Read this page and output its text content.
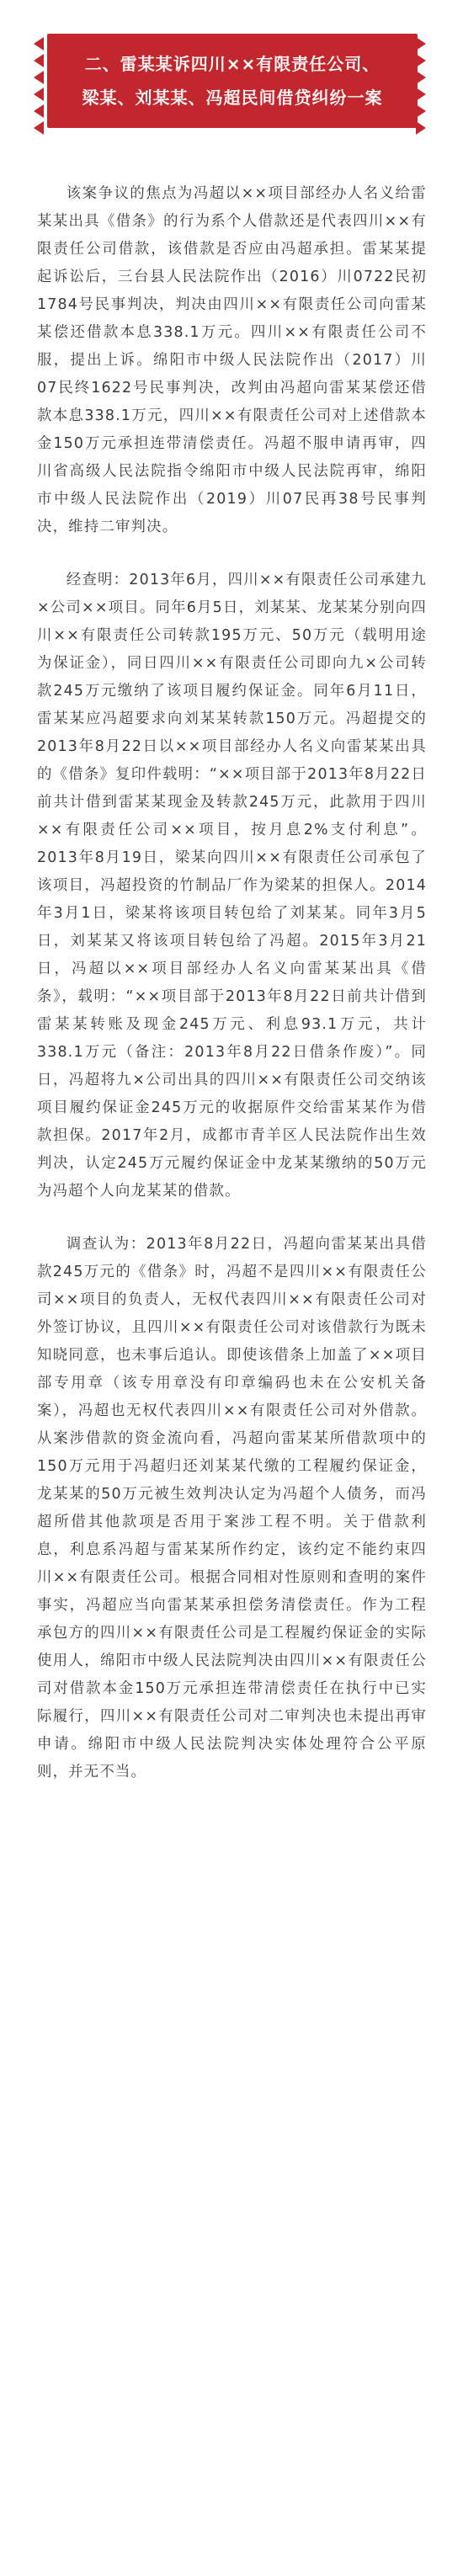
二、雷某某诉四川××有限责任公司、
梁某、刘某某、冯超民间借贷纠纷一案

该案争议的焦点为冯超以××项目部经办人名义给雷某某出具《借条》的行为系个人借款还是代表四川××有限责任公司借款，该借款是否应由冯超承担。雷某某提起诉讼后，三台县人民法院作出（2016）川0722民初1784号民事判决，判决由四川××有限责任公司向雷某某偿还借款本息338.1万元。四川××有限责任公司不服，提出上诉。绵阳市中级人民法院作出（2017）川07民终1622号民事判决，改判由冯超向雷某某偿还借款本息338.1万元，四川××有限责任公司对上述借款本金150万元承担连带清偿责任。冯超不服申请再审，四川省高级人民法院指令绵阳市中级人民法院再审，绵阳市中级人民法院作出（2019）川07民再38号民事判决，维持二审判决。

经查明：2013年6月，四川××有限责任公司承建九×公司××项目。同年6月5日，刘某某、龙某某分别向四川××有限责任公司转款195万元、50万元（载明用途为保证金），同日四川××有限责任公司即向九×公司转款245万元缴纳了该项目履约保证金。同年6月11日，雷某某应冯超要求向刘某某转款150万元。冯超提交的2013年8月22日以××项目部经办人名义向雷某某出具的《借条》复印件载明：“××项目部于2013年8月22日前共计借到雷某某现金及转款245万元，此款用于四川××有限责任公司××项目，按月息2%支付利息”。2013年8月19日，梁某向四川××有限责任公司承包了该项目，冯超投资的竹制品厂作为梁某的担保人。2014年3月1日，梁某将该项目转包给了刘某某。同年3月5日，刘某某又将该项目转包给了冯超。2015年3月21日，冯超以××项目部经办人名义向雷某某出具《借条》，载明：“××项目部于2013年8月22日前共计借到雷某某转账及现金245万元、利息93.1万元，共计338.1万元（备注：2013年8月22日借条作废）”。同日，冯超将九×公司出具的四川××有限责任公司交纳该项目履约保证金245万元的收据原件交给雷某某作为借款担保。2017年2月，成都市青羊区人民法院作出生效判决，认定245万元履约保证金中龙某某缴纳的50万元为冯超个人向龙某某的借款。

调查认为：2013年8月22日，冯超向雷某某出具借款245万元的《借条》时，冯超不是四川××有限责任公司××项目的负责人，无权代表四川××有限责任公司对外签订协议，且四川××有限责任公司对该借款行为既未知晓同意，也未事后追认。即使该借条上加盖了××项目部专用章（该专用章没有印章编码也未在公安机关备案），冯超也无权代表四川××有限责任公司对外借款。从案涉借款的资金流向看，冯超向雷某某所借款项中的150万元用于冯超归还刘某某代缴的工程履约保证金，龙某某的50万元被生效判决认定为冯超个人债务，而冯超所借其他款项是否用于案涉工程不明。关于借款利息，利息系冯超与雷某某所作约定，该约定不能约束四川××有限责任公司。根据合同相对性原则和查明的案件事实，冯超应当向雷某某承担偿务清偿责任。作为工程承包方的四川××有限责任公司是工程履约保证金的实际使用人，绵阳市中级人民法院判决由四川××有限责任公司对借款本金150万元承担连带清偿责任在执行中已实际履行，四川××有限责任公司对二审判决也未提出再审申请。绵阳市中级人民法院判决实体处理符合公平原则，并无不当。
